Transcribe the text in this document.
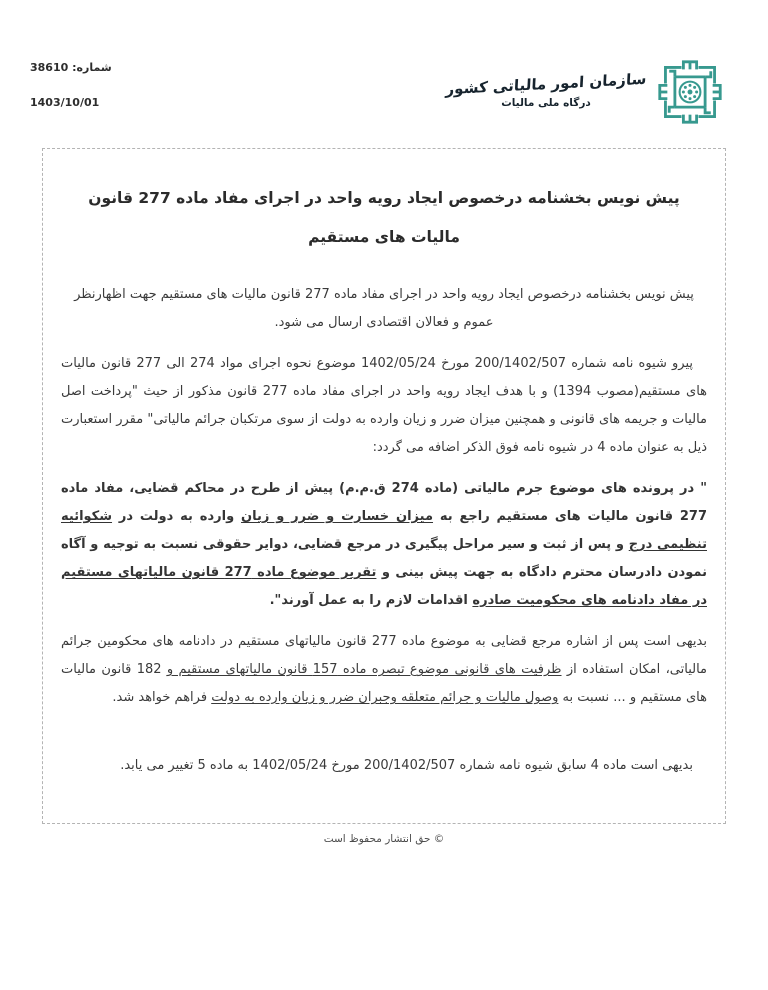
شماره: 38610
1403/10/01
سازمان امور مالیاتی کشور
درگاه ملی مالیات
پیش نویس بخشنامه درخصوص ایجاد رویه واحد در اجرای مفاد ماده 277 قانون مالیات های مستقیم

پیش نویس بخشنامه درخصوص ایجاد رویه واحد در اجرای مفاد ماده 277 قانون مالیات های مستقیم جهت اظهارنظر عموم و فعالان اقتصادی ارسال می شود.

پیرو شیوه نامه شماره 200/1402/507 مورخ 1402/05/24 موضوع نحوه اجرای مواد 274 الی 277 قانون مالیات های مستقیم(مصوب 1394) و با هدف ایجاد رویه واحد در اجرای مفاد ماده 277 قانون مذکور از حیث "پرداخت اصل مالیات و جریمه های قانونی و همچنین میزان ضرر و زیان وارده به دولت از سوی مرتکبان جرائم مالیاتی" مقرر استعبارت ذیل به عنوان ماده 4 در شیوه نامه فوق الذکر اضافه می گردد:

" در پرونده های موضوع جرم مالیاتی (ماده 274 ق.م.م) پیش از طرح در محاکم قضایی، مفاد ماده 277 قانون مالیات های مستقیم راجع به میزان خسارت و ضرر و زیان وارده به دولت در شکوائیه تنظیمی درج و پس از ثبت و سیر مراحل پیگیری در مرجع قضایی، دوایر حقوقی نسبت به توجیه و آگاه نمودن دادرسان محترم دادگاه به جهت پیش بینی و تقریر موضوع ماده 277 قانون مالیاتهای مستقیم در مفاد دادنامه های محکومیت صادره اقدامات لازم را به عمل آورند".

بدیهی است پس از اشاره مرجع قضایی به موضوع ماده 277 قانون مالیاتهای مستقیم در دادنامه های محکومین جرائم مالیاتی، امکان استفاده از ظرفیت های قانونی موضوع تبصره ماده 157 قانون مالیاتهای مستقیم و 182 قانون مالیات های مستقیم و ... نسبت به وصول مالیات و جرائم متعلقه وجبران ضرر و زیان وارده به دولت فراهم خواهد شد.

بدیهی است ماده 4 سابق شیوه نامه شماره 200/1402/507 مورخ 1402/05/24 به ماده 5 تغییر می یابد.

© حق انتشار محفوظ است
